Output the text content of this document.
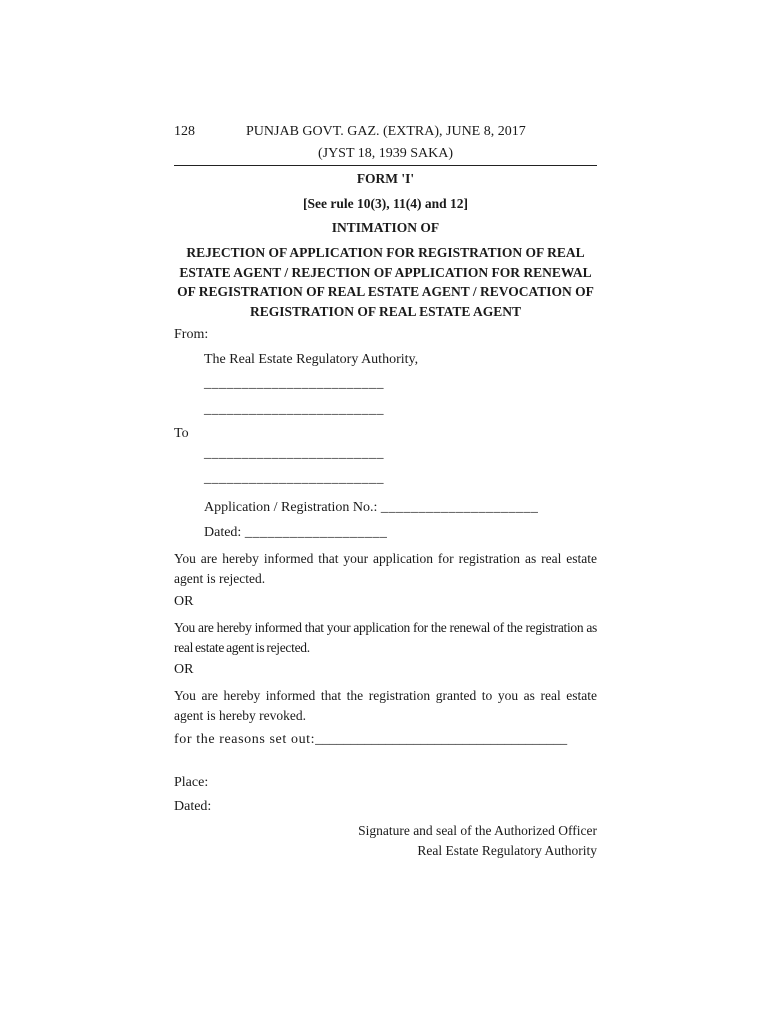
128	PUNJAB GOVT. GAZ. (EXTRA), JUNE 8, 2017
(JYST 18, 1939 SAKA)
FORM 'I'
[See rule 10(3), 11(4) and 12]
INTIMATION OF
REJECTION OF APPLICATION FOR REGISTRATION OF REAL ESTATE AGENT / REJECTION OF APPLICATION FOR RENEWAL OF REGISTRATION OF REAL ESTATE AGENT / REVOCATION OF REGISTRATION OF REAL ESTATE AGENT
From:
The Real Estate Regulatory Authority,
________________________
________________________
To
________________________
________________________
Application / Registration No.: _____________________
Dated: ___________________
You are hereby informed that your application for registration as real estate agent is rejected.
OR
You are hereby informed that your application for the renewal of the registration as real estate agent is rejected.
OR
You are hereby informed that the registration granted to you as real estate agent is hereby revoked.
for the reasons set out:____________________________________
Place:
Dated:
Signature and seal of the Authorized Officer
Real Estate Regulatory Authority
